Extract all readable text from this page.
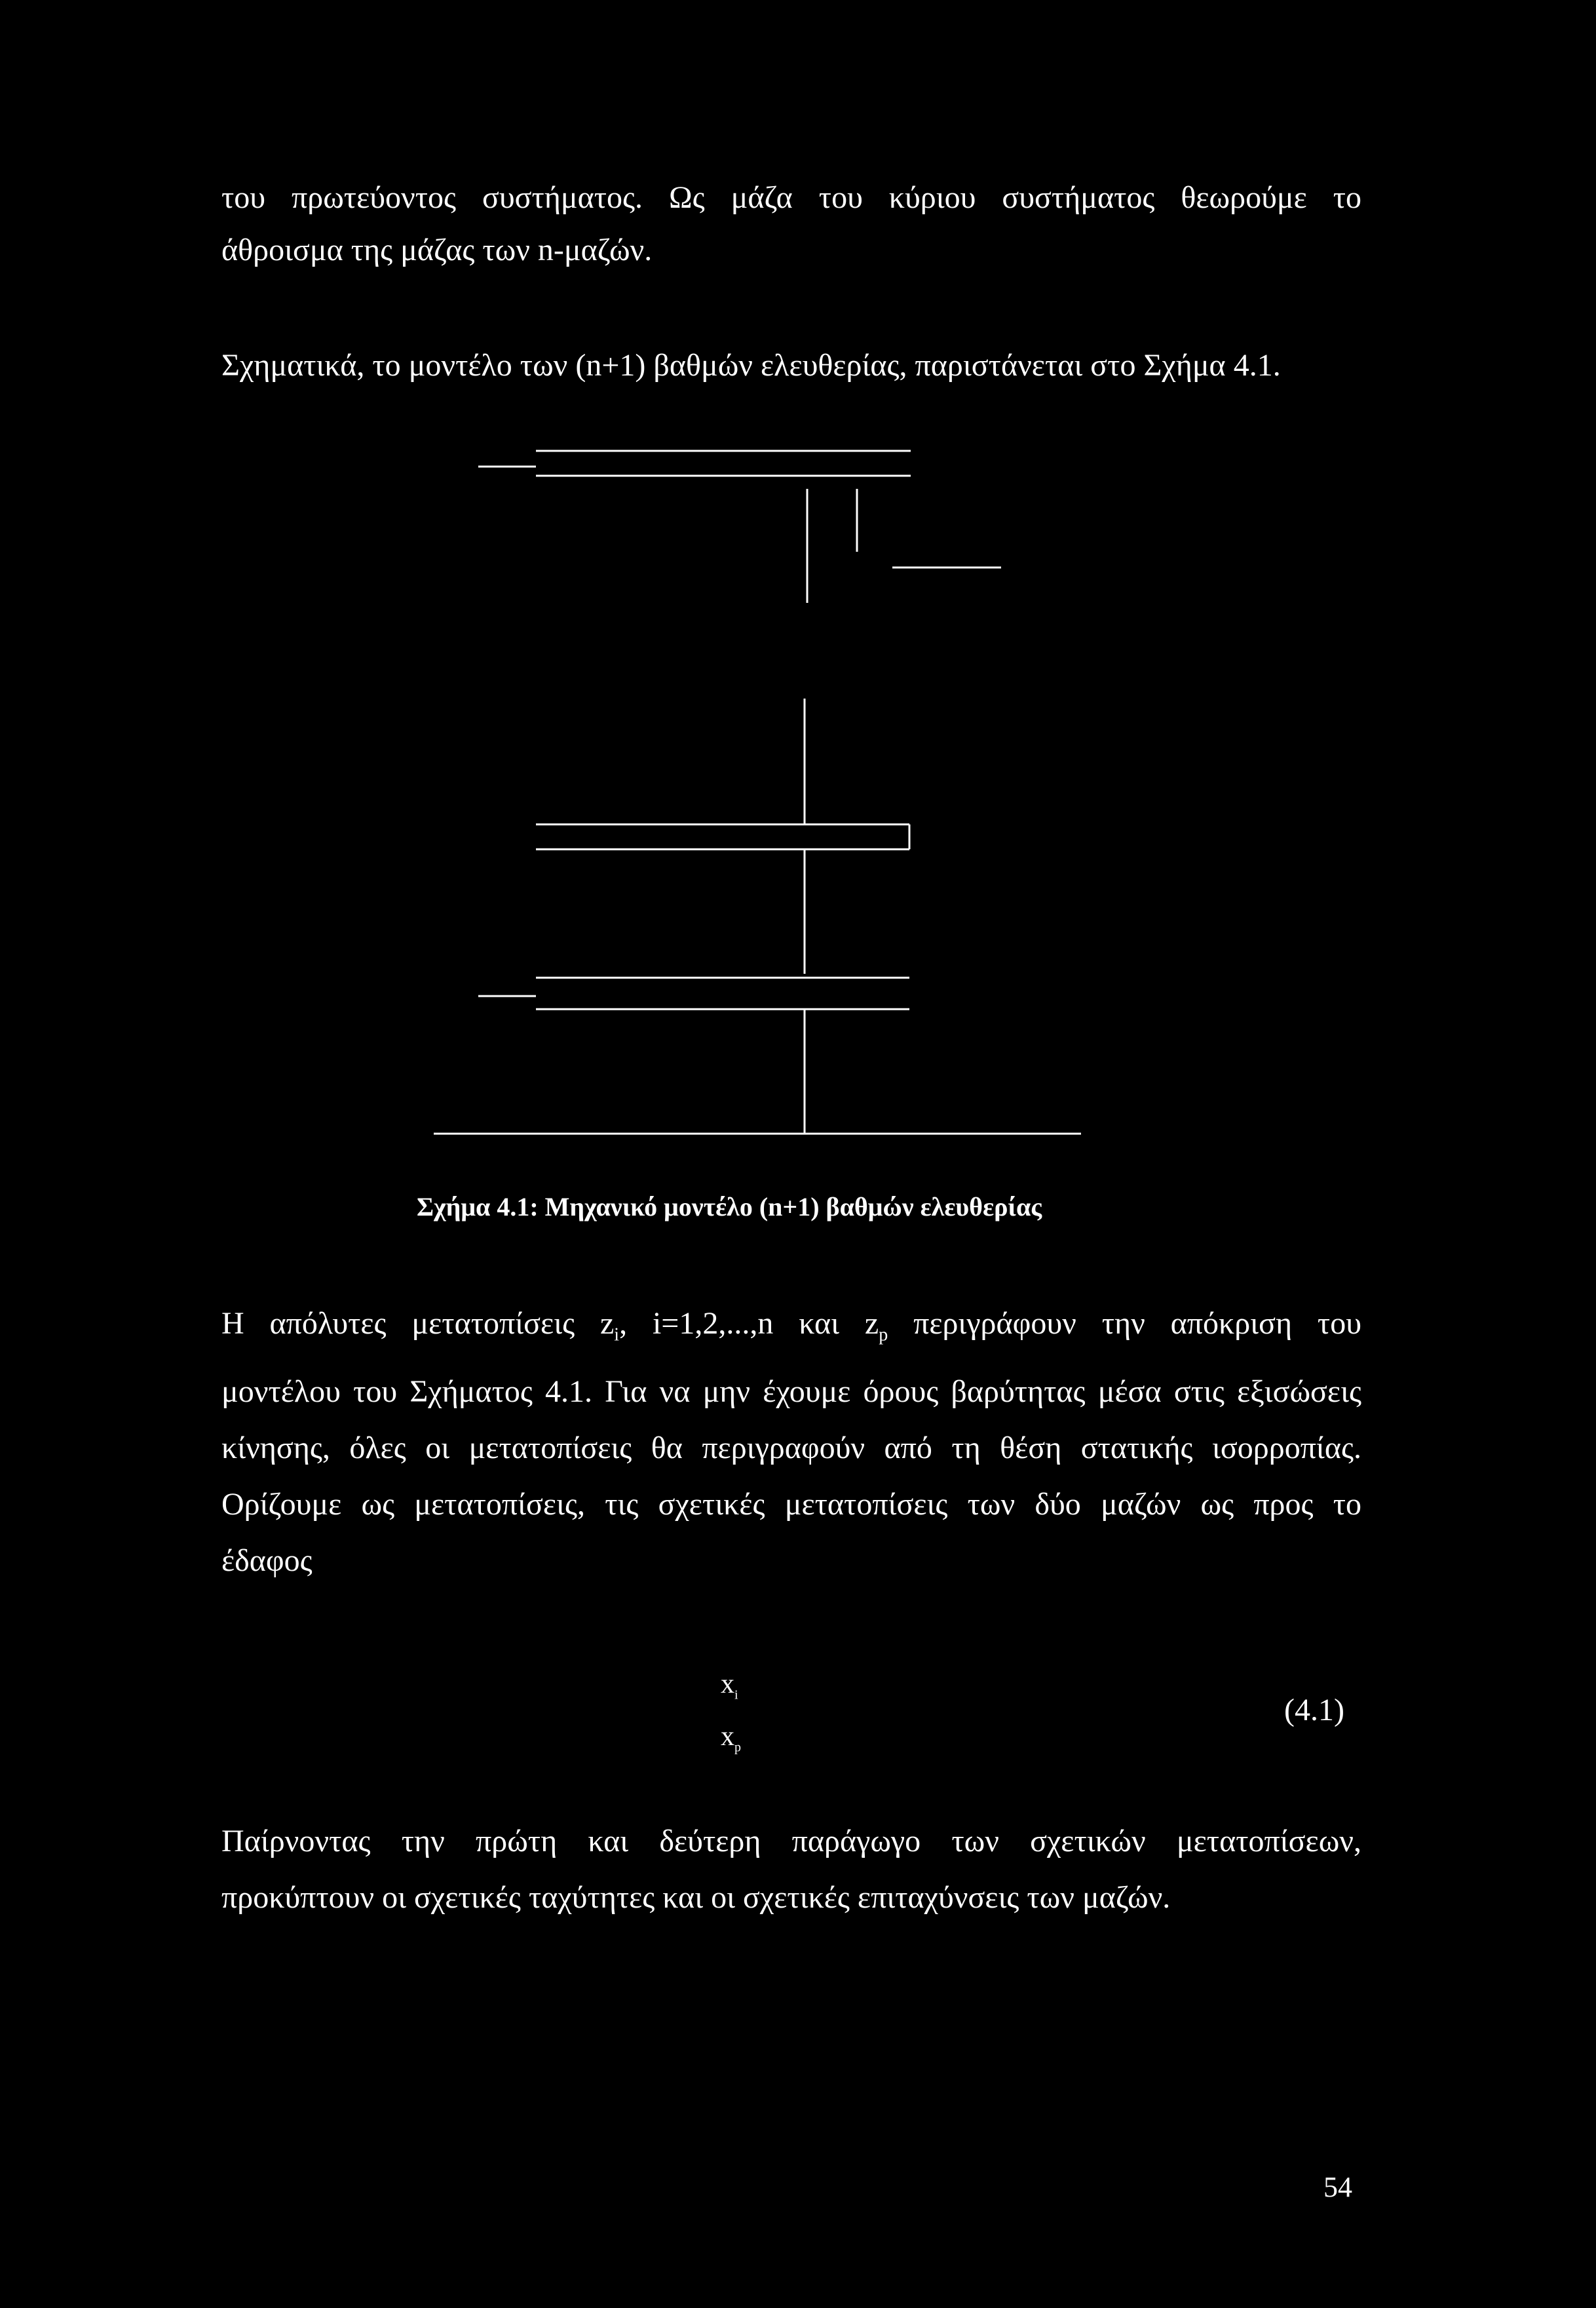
του πρωτεύοντος συστήματος. Ως μάζα του κύριου συστήματος θεωρούμε το
άθροισμα της μάζας των n-μαζών.
Σχηματικά, το μοντέλο των (n+1) βαθμών ελευθερίας, παριστάνεται στο Σχήμα 4.1.
Σχήμα 4.1: Μηχανικό μοντέλο (n+1) βαθμών ελευθερίας
Η απόλυτες μετατοπίσεις $z_i$, i=1,2,...,n και $z_p$ περιγράφουν την απόκριση του
μοντέλου του Σχήματος 4.1. Για να μην έχουμε όρους βαρύτητας μέσα στις εξισώσεις
κίνησης, όλες οι μετατοπίσεις θα περιγραφούν από τη θέση στατικής ισορροπίας.
Ορίζουμε ως μετατοπίσεις, τις σχετικές μετατοπίσεις των δύο μαζών ως προς το
έδαφος
$x_i$
$x_p$
(4.1)
Παίρνοντας την πρώτη και δεύτερη παράγωγο των σχετικών μετατοπίσεων,
προκύπτουν οι σχετικές ταχύτητες και οι σχετικές επιταχύνσεις των μαζών.
54
